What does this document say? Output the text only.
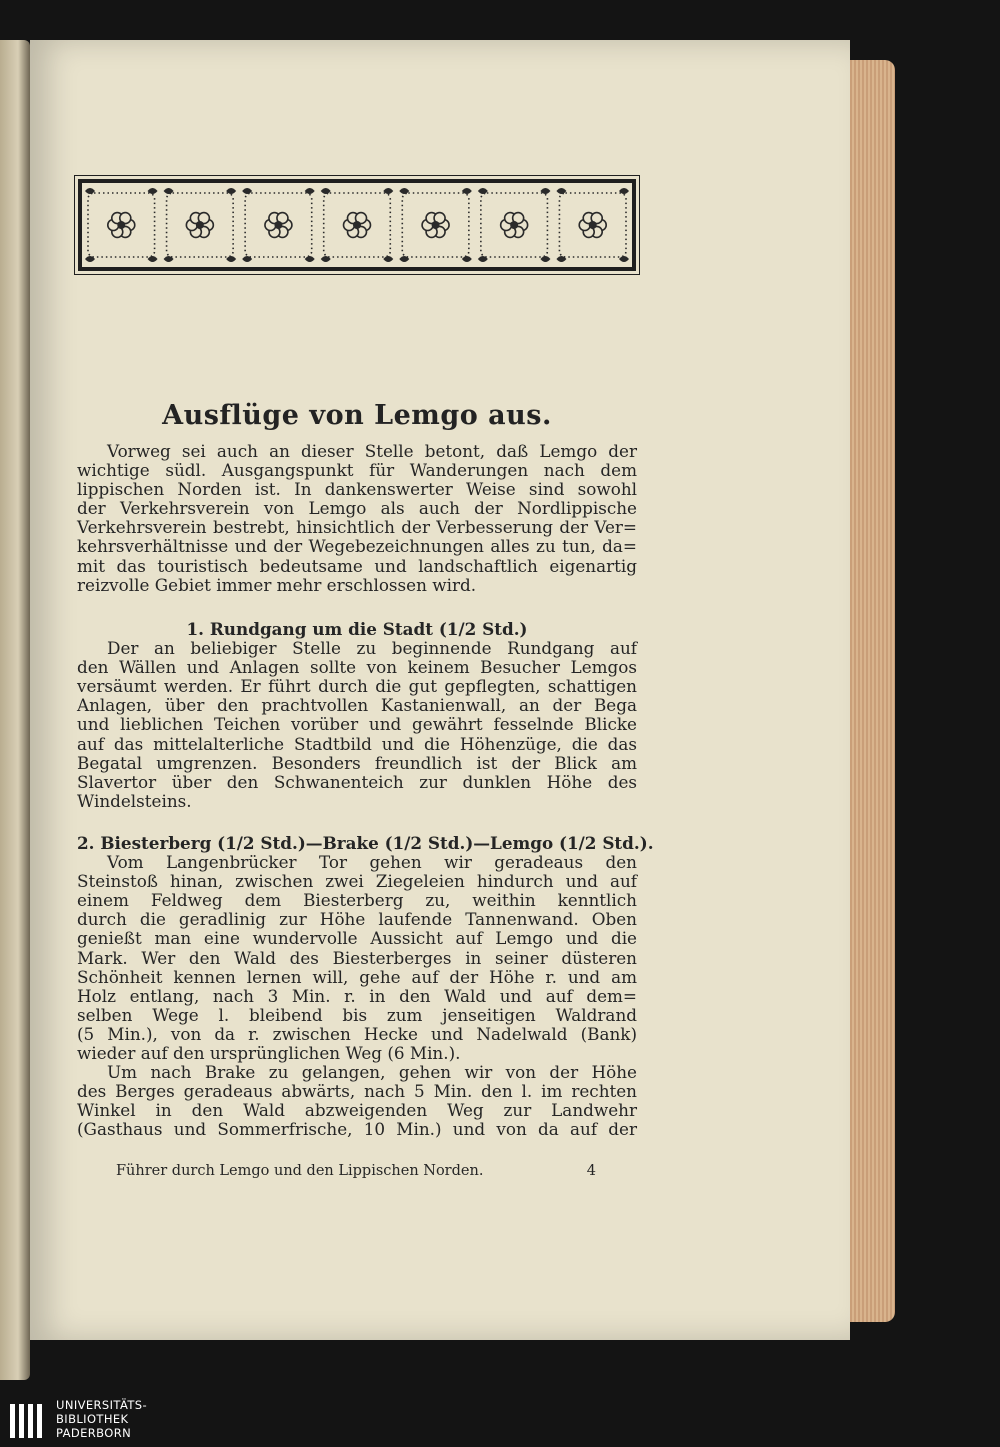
Ausflüge von Lemgo aus.
Vorweg sei auch an dieser Stelle betont, daß Lemgo der
wichtige südl. Ausgangspunkt für Wanderungen nach dem
lippischen Norden ist. In dankenswerter Weise sind sowohl
der Verkehrsverein von Lemgo als auch der Nordlippische
Verkehrsverein bestrebt, hinsichtlich der Verbesserung der Ver=
kehrsverhältnisse und der Wegebezeichnungen alles zu tun, da=
mit das touristisch bedeutsame und landschaftlich eigenartig
reizvolle Gebiet immer mehr erschlossen wird.
1. Rundgang um die Stadt (1/2 Std.)
Der an beliebiger Stelle zu beginnende Rundgang auf
den Wällen und Anlagen sollte von keinem Besucher Lemgos
versäumt werden. Er führt durch die gut gepflegten, schattigen
Anlagen, über den prachtvollen Kastanienwall, an der Bega
und lieblichen Teichen vorüber und gewährt fesselnde Blicke
auf das mittelalterliche Stadtbild und die Höhenzüge, die das
Begatal umgrenzen. Besonders freundlich ist der Blick am
Slavertor über den Schwanenteich zur dunklen Höhe des
Windelsteins.
2. Biesterberg (1/2 Std.)—Brake (1/2 Std.)—Lemgo (1/2 Std.).
Vom Langenbrücker Tor gehen wir geradeaus den
Steinstoß hinan, zwischen zwei Ziegeleien hindurch und auf
einem Feldweg dem Biesterberg zu, weithin kenntlich
durch die geradlinig zur Höhe laufende Tannenwand. Oben
genießt man eine wundervolle Aussicht auf Lemgo und die
Mark. Wer den Wald des Biesterberges in seiner düsteren
Schönheit kennen lernen will, gehe auf der Höhe r. und am
Holz entlang, nach 3 Min. r. in den Wald und auf dem=
selben Wege l. bleibend bis zum jenseitigen Waldrand
(5 Min.), von da r. zwischen Hecke und Nadelwald (Bank)
wieder auf den ursprünglichen Weg (6 Min.).
Um nach Brake zu gelangen, gehen wir von der Höhe
des Berges geradeaus abwärts, nach 5 Min. den l. im rechten
Winkel in den Wald abzweigenden Weg zur Landwehr
(Gasthaus und Sommerfrische, 10 Min.) und von da auf der
Führer durch Lemgo und den Lippischen Norden.	4
UNIVERSITÄTS-
BIBLIOTHEK
PADERBORN
